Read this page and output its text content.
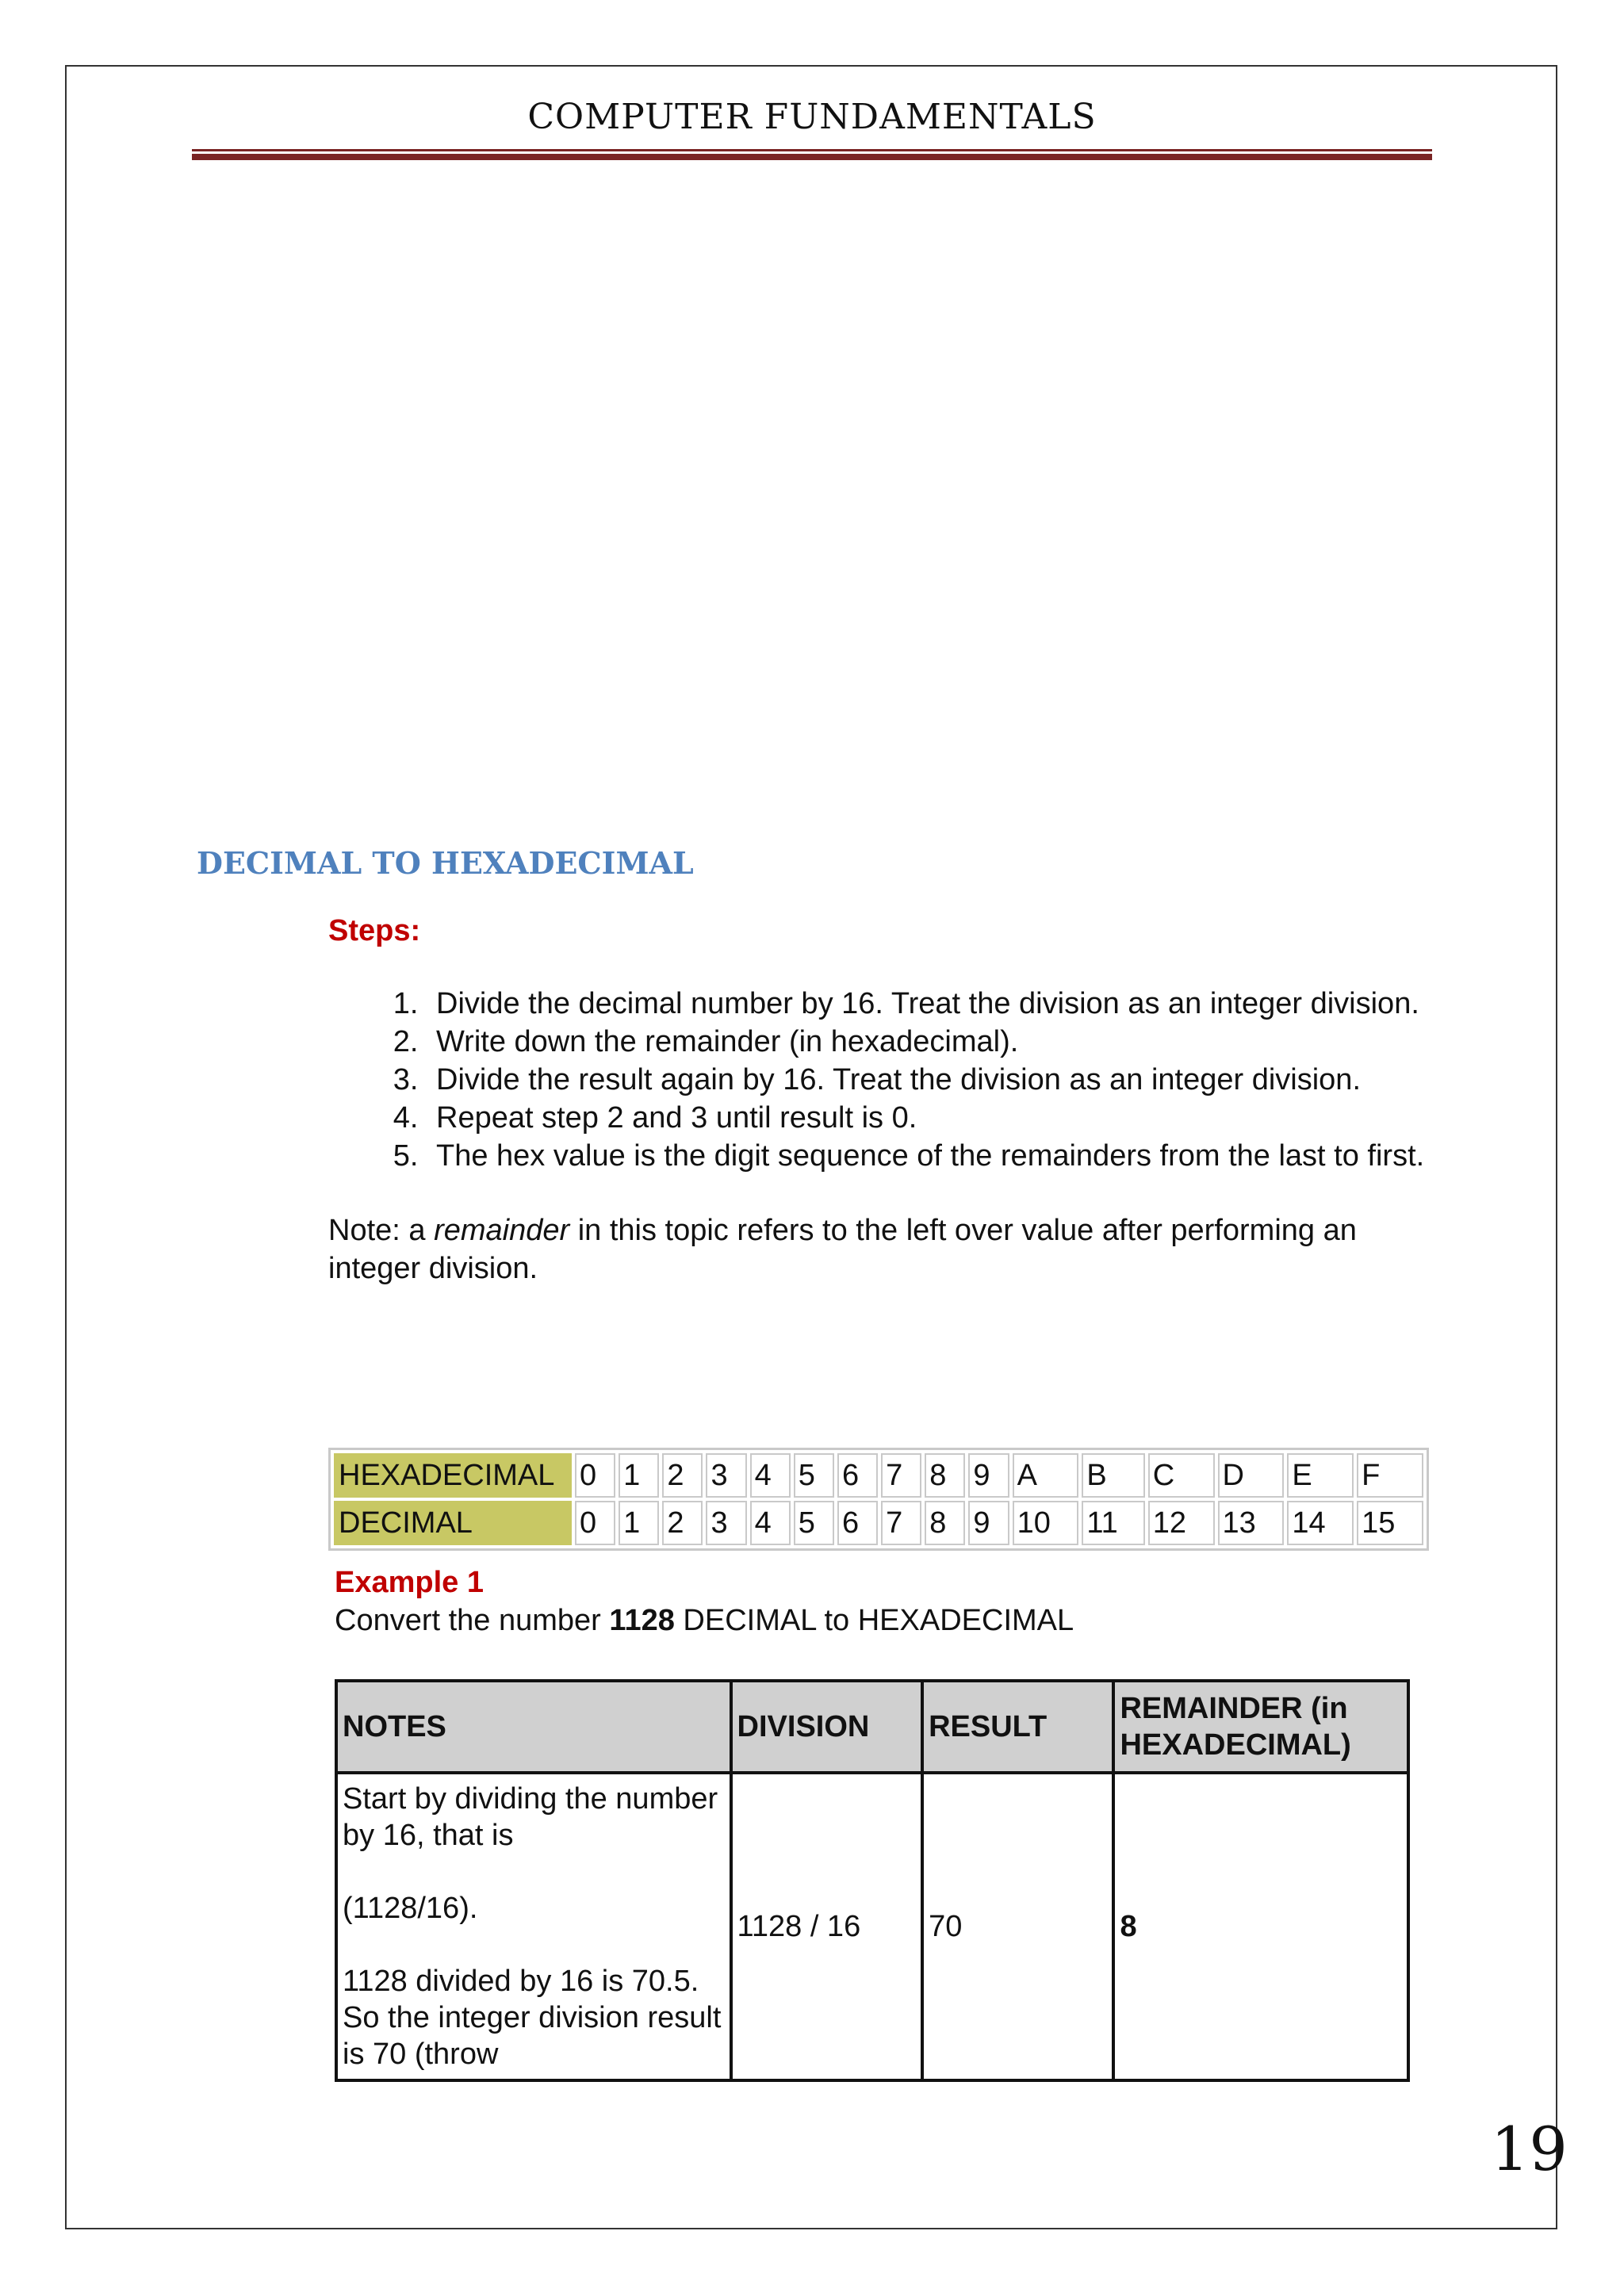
COMPUTER FUNDAMENTALS
DECIMAL TO HEXADECIMAL
Steps:
1. Divide the decimal number by 16. Treat the division as an integer division.
2. Write down the remainder (in hexadecimal).
3. Divide the result again by 16. Treat the division as an integer division.
4. Repeat step 2 and 3 until result is 0.
5. The hex value is the digit sequence of the remainders from the last to first.
Note: a remainder in this topic refers to the left over value after performing an integer division.
HEXADECIMAL	0	1	2	3	4	5	6	7	8	9	A	B	C	D	E	F
DECIMAL	0	1	2	3	4	5	6	7	8	9	10	11	12	13	14	15
Example 1
Convert the number 1128 DECIMAL to HEXADECIMAL
NOTES	DIVISION	RESULT	REMAINDER (in HEXADECIMAL)

Start by dividing the number by 16, that is

(1128/16).

1128 divided by 16 is 70.5. So the integer division result is 70 (throw	1128 / 16	70	8
19
